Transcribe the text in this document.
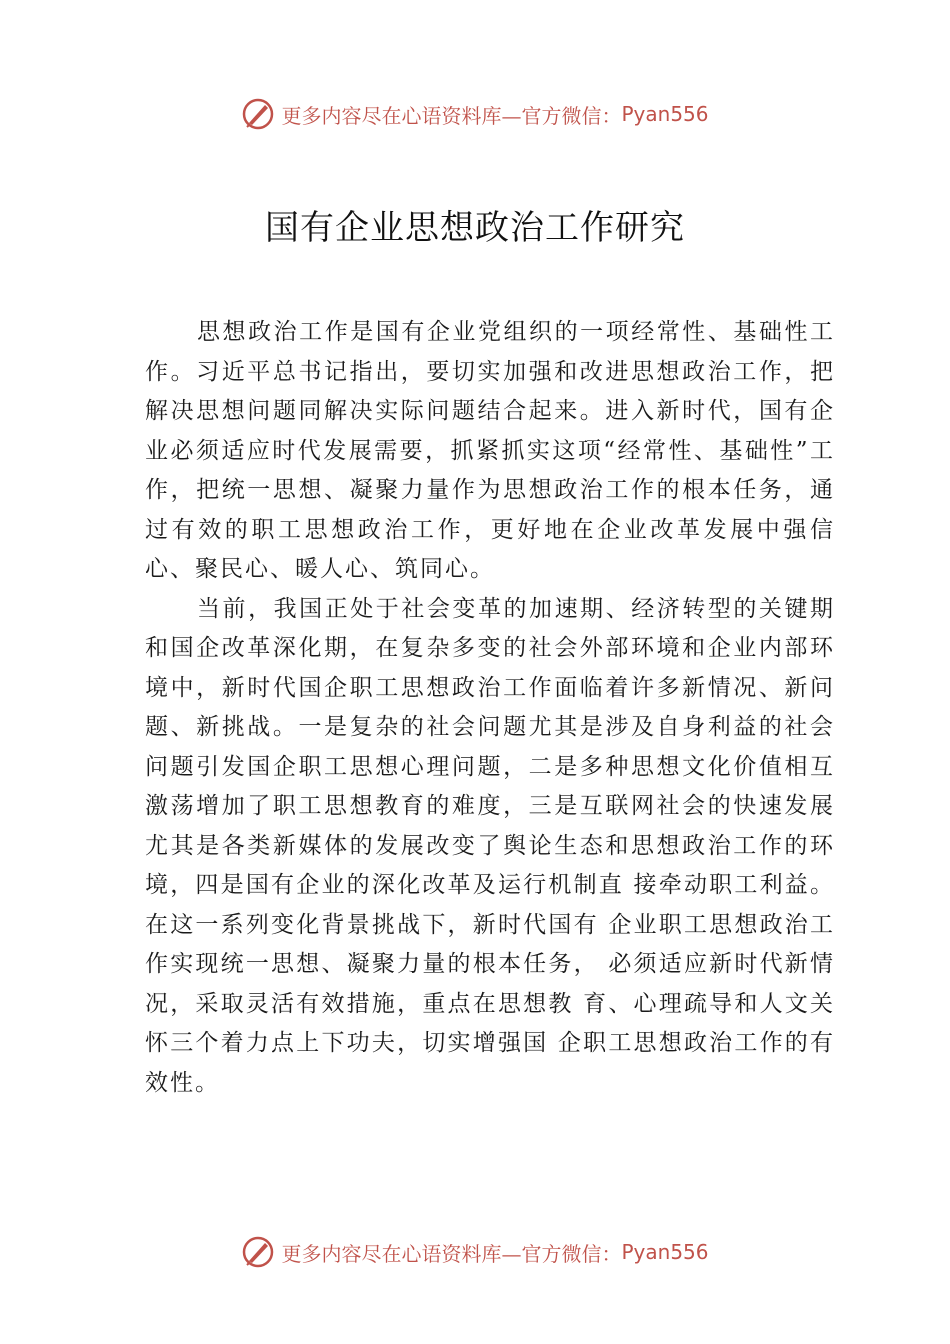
更多内容尽在心语资料库—官方微信： Pyan556
国有企业思想政治工作研究

思想政治工作是国有企业党组织的一项经常性、基础性工作。习近平总书记指出，要切实加强和改进思想政治工作，把解决思想问题同解决实际问题结合起来。进入新时代，国有企业必须适应时代发展需要，抓紧抓实这项“经常性、基础性”工作，把统一思想、凝聚力量作为思想政治工作的根本任务，通过有效的职工思想政治工作，更好地在企业改革发展中强信心、聚民心、暖人心、筑同心。

当前，我国正处于社会变革的加速期、经济转型的关键期和国企改革深化期，在复杂多变的社会外部环境和企业内部环境中，新时代国企职工思想政治工作面临着许多新情况、新问题、新挑战。一是复杂的社会问题尤其是涉及自身利益的社会问题引发国企职工思想心理问题，二是多种思想文化价值相互激荡增加了职工思想教育的难度，三是互联网社会的快速发展尤其是各类新媒体的发展改变了舆论生态和思想政治工作的环境，四是国有企业的深化改革及运行机制直 接牵动职工利益。在这一系列变化背景挑战下，新时代国有 企业职工思想政治工作实现统一思想、凝聚力量的根本任务， 必须适应新时代新情况，采取灵活有效措施，重点在思想教 育、心理疏导和人文关怀三个着力点上下功夫，切实增强国 企职工思想政治工作的有效性。

更多内容尽在心语资料库—官方微信： Pyan556
